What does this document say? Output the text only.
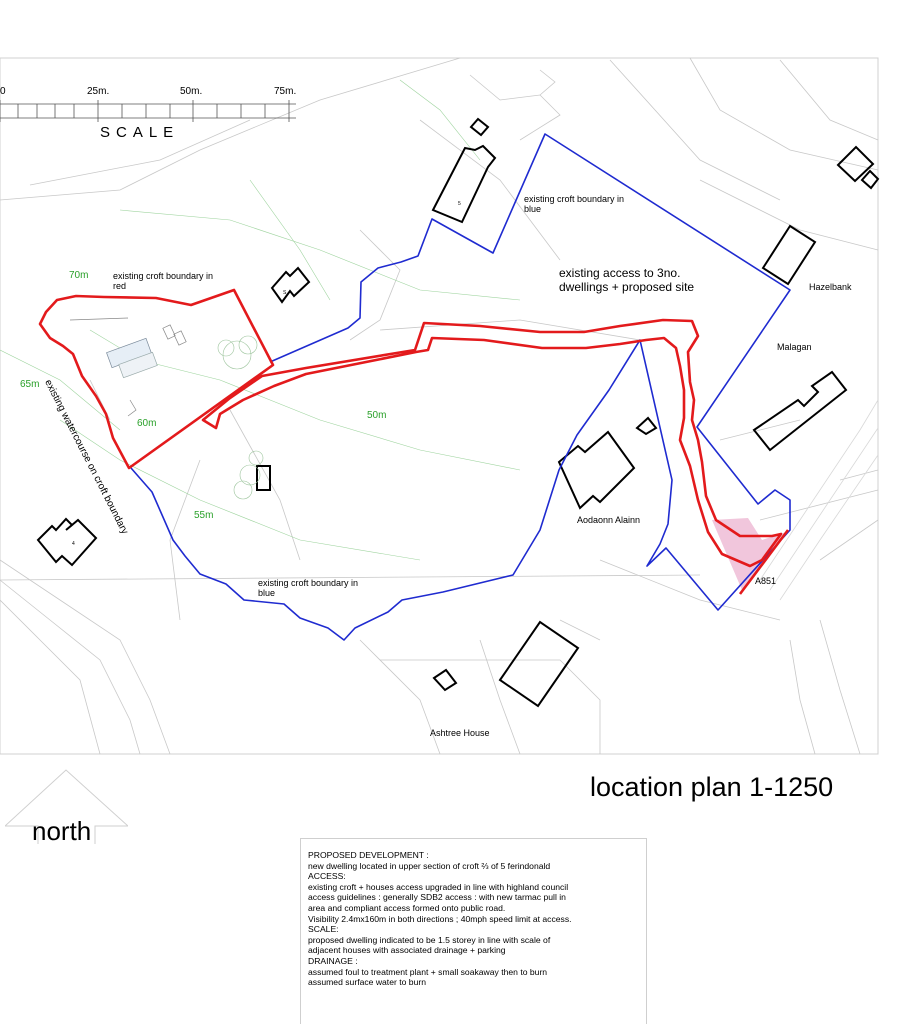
5
S
4
0	25m.	50m.	75m.
SCALE
existing croft boundary in
blue
existing croft boundary in
red
existing croft boundary in
blue
existing watercourse on croft boundary
existing access to 3no.
dwellings + proposed site	Hazelbank
Malagan
Aodaonn Alainn
A851
Ashtree House
70m
65m
60m
50m
55m
location plan 1-1250
north
PROPOSED DEVELOPMENT :
new dwelling located in upper section of croft ⅔ of 5 ferindonald
ACCESS:
existing croft + houses access upgraded in line with highland council
access guidelines : generally SDB2 access : with new tarmac pull in
area and compliant access formed onto public road.
Visibility 2.4mx160m in both directions ; 40mph speed limit at access.
SCALE:
proposed dwelling indicated to be 1.5 storey in line with scale of
adjacent houses with associated drainage + parking
DRAINAGE :
assumed foul to treatment plant + small soakaway then to burn
assumed surface water to burn
